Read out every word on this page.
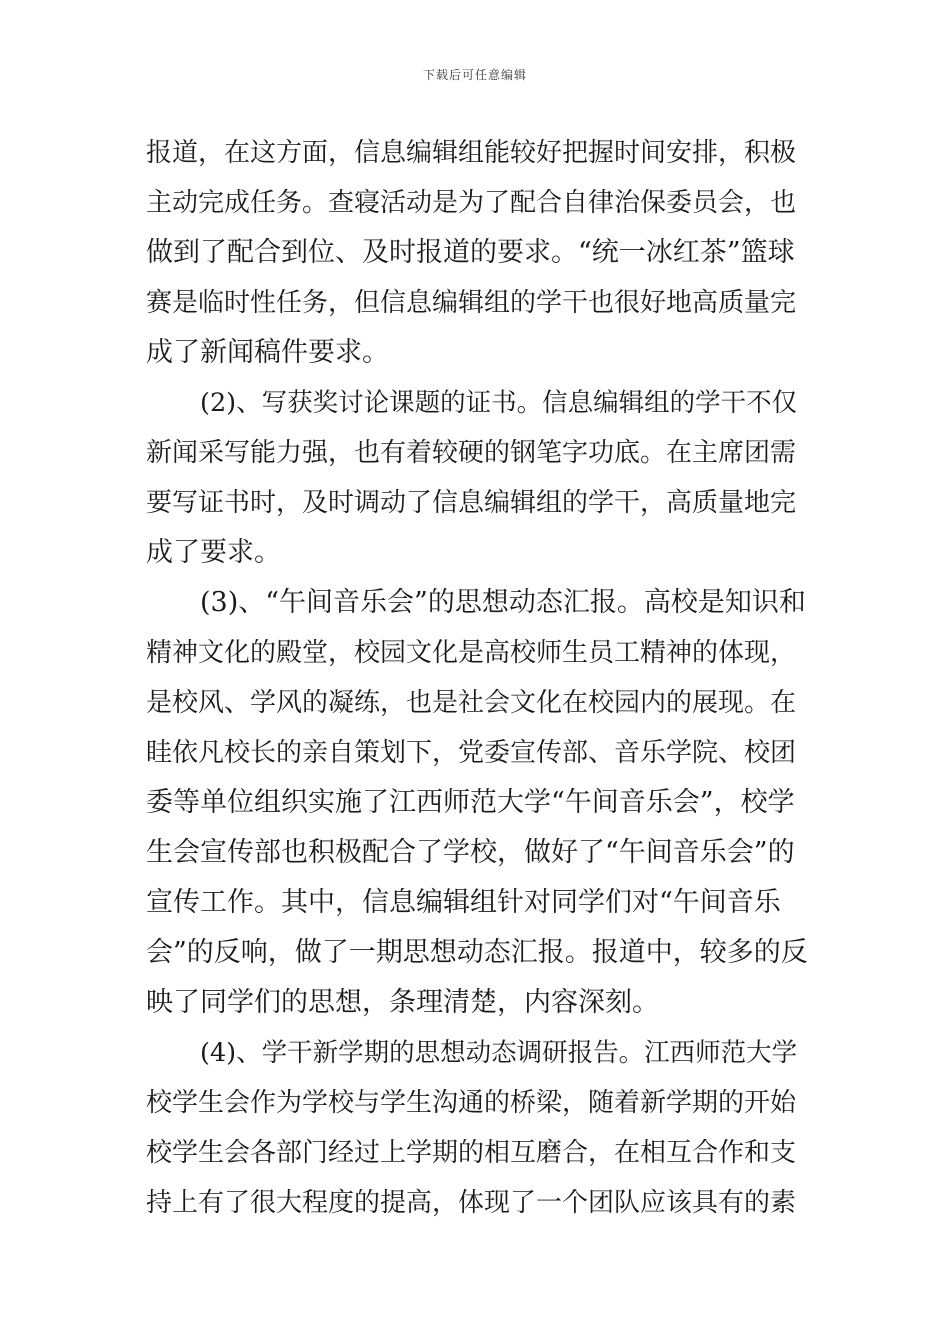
下载后可任意编辑
报道，在这方面，信息编辑组能较好把握时间安排，积极
主动完成任务。查寝活动是为了配合自律治保委员会，也
做到了配合到位、及时报道的要求。“统一冰红茶”篮球
赛是临时性任务，但信息编辑组的学干也很好地高质量完
成了新闻稿件要求。
(2)、写获奖讨论课题的证书。信息编辑组的学干不仅
新闻采写能力强，也有着较硬的钢笔字功底。在主席团需
要写证书时，及时调动了信息编辑组的学干，高质量地完
成了要求。
(3)、“午间音乐会”的思想动态汇报。高校是知识和
精神文化的殿堂，校园文化是高校师生员工精神的体现，
是校风、学风的凝练，也是社会文化在校园内的展现。在
眭依凡校长的亲自策划下，党委宣传部、音乐学院、校团
委等单位组织实施了江西师范大学“午间音乐会”，校学
生会宣传部也积极配合了学校，做好了“午间音乐会”的
宣传工作。其中，信息编辑组针对同学们对“午间音乐
会”的反响，做了一期思想动态汇报。报道中，较多的反
映了同学们的思想，条理清楚，内容深刻。
(4)、学干新学期的思想动态调研报告。江西师范大学
校学生会作为学校与学生沟通的桥梁，随着新学期的开始
校学生会各部门经过上学期的相互磨合，在相互合作和支
持上有了很大程度的提高，体现了一个团队应该具有的素
